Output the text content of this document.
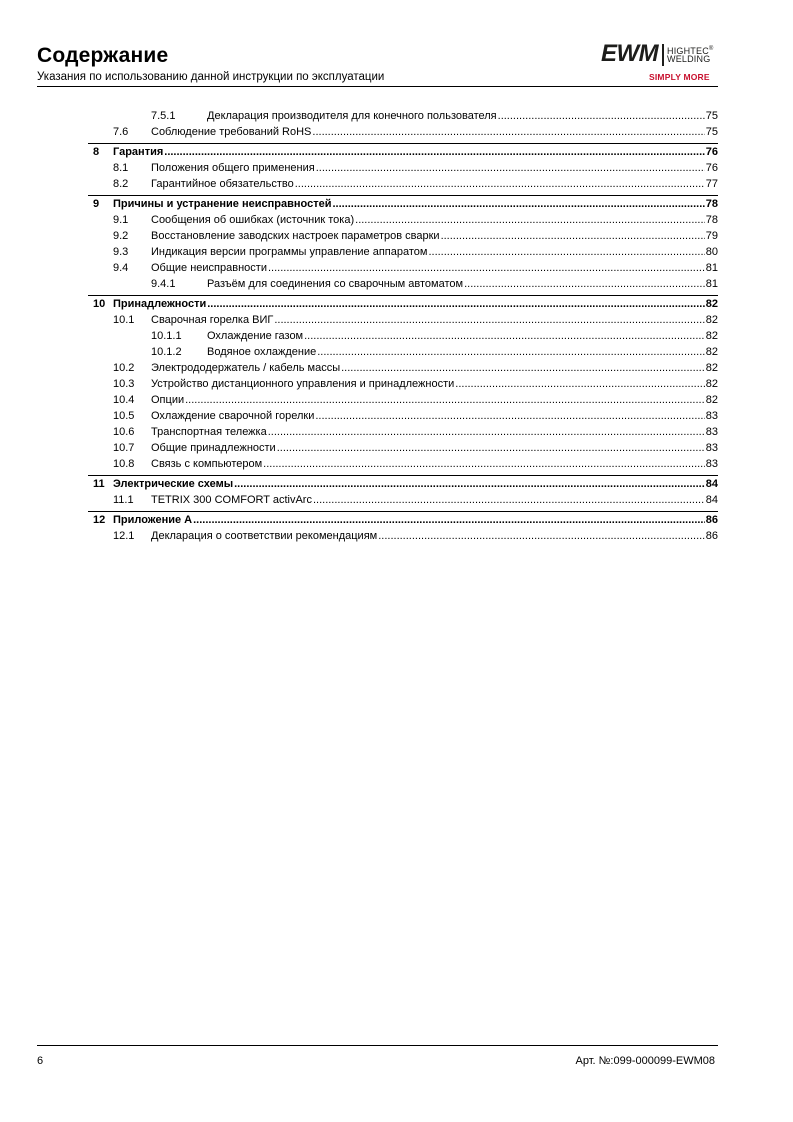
Содержание
Указания по использованию данной инструкции по эксплуатации
EWM HIGHTEC®
WELDING
SIMPLY MORE
7.5.1	Декларация производителя для конечного пользователя .....	75
7.6	Соблюдение требований RoHS .....	75
8	Гарантия .....	76
8.1	Положения общего применения .....	76
8.2	Гарантийное обязательство .....	77
9	Причины и устранение неисправностей .....	78
9.1	Сообщения об ошибках (источник тока) .....	78
9.2	Восстановление заводских настроек параметров сварки .....	79
9.3	Индикация версии программы управление аппаратом .....	80
9.4	Общие неисправности .....	81
9.4.1	Разъём для соединения со сварочным автоматом .....	81
10 Принадлежности .....	82
10.1	Сварочная горелка ВИГ .....	82
10.1.1	Охлаждение газом .....	82
10.1.2	Водяное охлаждение .....	82
10.2	Электрододержатель / кабель массы .....	82
10.3	Устройство дистанционного управления и принадлежности .....	82
10.4	Опции .....	82
10.5	Охлаждение сварочной горелки .....	83
10.6	Транспортная тележка .....	83
10.7	Общие принадлежности .....	83
10.8	Связь с компьютером .....	83
11 Электрические схемы .....	84
11.1	TETRIX 300 COMFORT activArc .....	84
12 Приложение A .....	86
12.1	Декларация о соответствии рекомендациям .....	86
6	Арт. №:099-000099-EWM08
